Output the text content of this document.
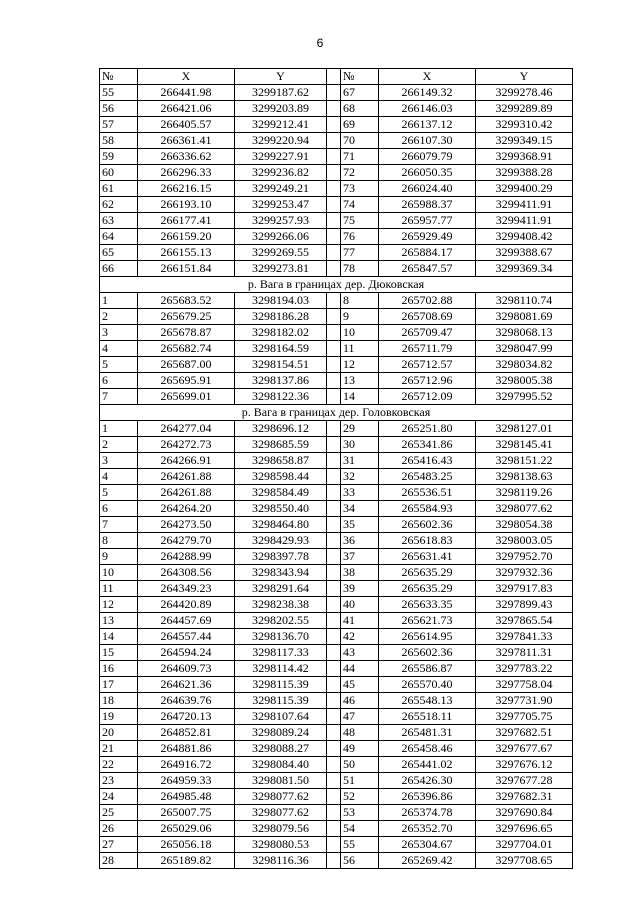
6
№	X	Y		№	X	Y
55	266441.98	3299187.62		67	266149.32	3299278.46
56	266421.06	3299203.89		68	266146.03	3299289.89
57	266405.57	3299212.41		69	266137.12	3299310.42
58	266361.41	3299220.94		70	266107.30	3299349.15
59	266336.62	3299227.91		71	266079.79	3299368.91
60	266296.33	3299236.82		72	266050.35	3299388.28
61	266216.15	3299249.21		73	266024.40	3299400.29
62	266193.10	3299253.47		74	265988.37	3299411.91
63	266177.41	3299257.93		75	265957.77	3299411.91
64	266159.20	3299266.06		76	265929.49	3299408.42
65	266155.13	3299269.55		77	265884.17	3299388.67
66	266151.84	3299273.81		78	265847.57	3299369.34
р. Вага в границах дер. Дюковская						
1	265683.52	3298194.03		8	265702.88	3298110.74
2	265679.25	3298186.28		9	265708.69	3298081.69
3	265678.87	3298182.02		10	265709.47	3298068.13
4	265682.74	3298164.59		11	265711.79	3298047.99
5	265687.00	3298154.51		12	265712.57	3298034.82
6	265695.91	3298137.86		13	265712.96	3298005.38
7	265699.01	3298122.36		14	265712.09	3297995.52
р. Вага в границах дер. Головковская						
1	264277.04	3298696.12		29	265251.80	3298127.01
2	264272.73	3298685.59		30	265341.86	3298145.41
3	264266.91	3298658.87		31	265416.43	3298151.22
4	264261.88	3298598.44		32	265483.25	3298138.63
5	264261.88	3298584.49		33	265536.51	3298119.26
6	264264.20	3298550.40		34	265584.93	3298077.62
7	264273.50	3298464.80		35	265602.36	3298054.38
8	264279.70	3298429.93		36	265618.83	3298003.05
9	264288.99	3298397.78		37	265631.41	3297952.70
10	264308.56	3298343.94		38	265635.29	3297932.36
11	264349.23	3298291.64		39	265635.29	3297917.83
12	264420.89	3298238.38		40	265633.35	3297899.43
13	264457.69	3298202.55		41	265621.73	3297865.54
14	264557.44	3298136.70		42	265614.95	3297841.33
15	264594.24	3298117.33		43	265602.36	3297811.31
16	264609.73	3298114.42		44	265586.87	3297783.22
17	264621.36	3298115.39		45	265570.40	3297758.04
18	264639.76	3298115.39		46	265548.13	3297731.90
19	264720.13	3298107.64		47	265518.11	3297705.75
20	264852.81	3298089.24		48	265481.31	3297682.51
21	264881.86	3298088.27		49	265458.46	3297677.67
22	264916.72	3298084.40		50	265441.02	3297676.12
23	264959.33	3298081.50		51	265426.30	3297677.28
24	264985.48	3298077.62		52	265396.86	3297682.31
25	265007.75	3298077.62		53	265374.78	3297690.84
26	265029.06	3298079.56		54	265352.70	3297696.65
27	265056.18	3298080.53		55	265304.67	3297704.01
28	265189.82	3298116.36		56	265269.42	3297708.65
